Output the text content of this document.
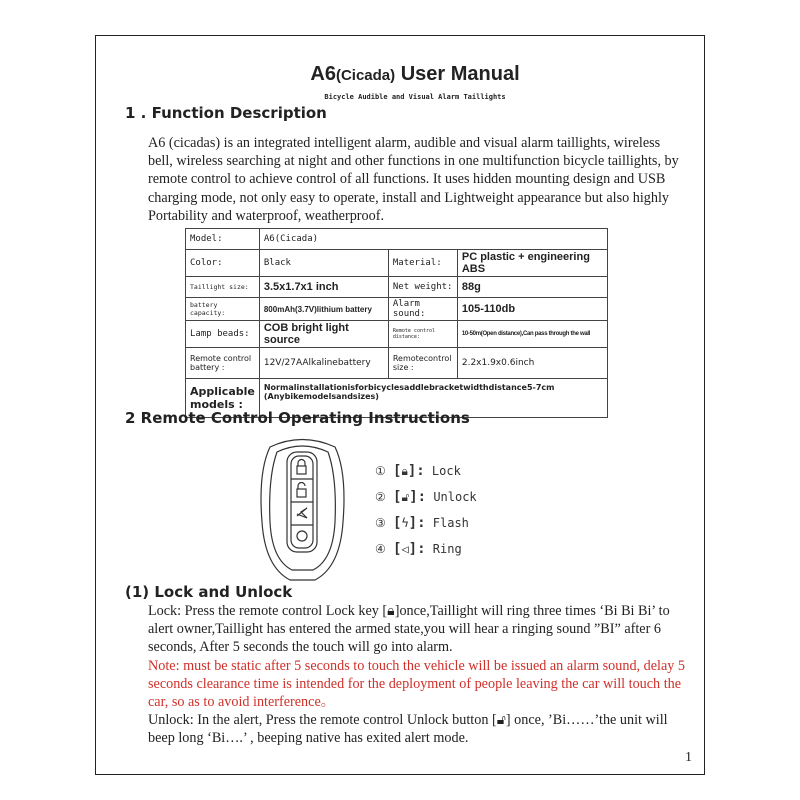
A6(Cicada) User Manual
Bicycle Audible and Visual Alarm Taillights
1 . Function Description
A6 (cicadas) is an integrated intelligent alarm, audible and visual alarm taillights, wireless bell, wireless searching at night and other functions in one multifunction bicycle taillights, by remote control to achieve control of all functions. It uses hidden mounting design and USB charging mode, not only easy to operate, install and Lightweight appearance but also highly Portability and waterproof, weatherproof.
Model:	A6(Cicada)		
Color:	Black	Material:	PC plastic + engineering ABS
Taillight size:	3.5x1.7x1 inch	Net weight:	88g
battery capacity:	800mAh(3.7V)lithium battery	Alarm sound:	105-110db
Lamp beads:	COB bright light source	Remote control distance:	10-50m(Open distance),Can pass through the wall
Remote control battery :	12V/27AAlkalinebattery	Remotecontrol size :	2.2x1.9x0.6inch
Applicable models :	Normalinstallationisforbicyclesaddlebracketwidthdistance5-7cm
(Anybikemodelsandsizes)		
2 Remote Control Operating Instructions
① [🔒︎]: Lock
② [🔓︎]: Unlock
③ [ϟ]: Flash
④ [◁]: Ring
(1) Lock and Unlock
Lock: Press the remote control Lock key [🔒︎]once,Taillight will ring three times ‘Bi Bi Bi’ to alert owner,Taillight has entered the armed state,you will hear a ringing sound ”BI” after 6 seconds, After 5 seconds the touch will go into alarm.
Note: must be static after 5 seconds to touch the vehicle will be issued an alarm sound, delay 5 seconds clearance time is intended for the deployment of people leaving the car will touch the car, so as to avoid interference。
Unlock: In the alert, Press the remote control Unlock button [🔓︎] once, ’Bi……’the unit will beep long ‘Bi….’ , beeping native has exited alert mode.
1
